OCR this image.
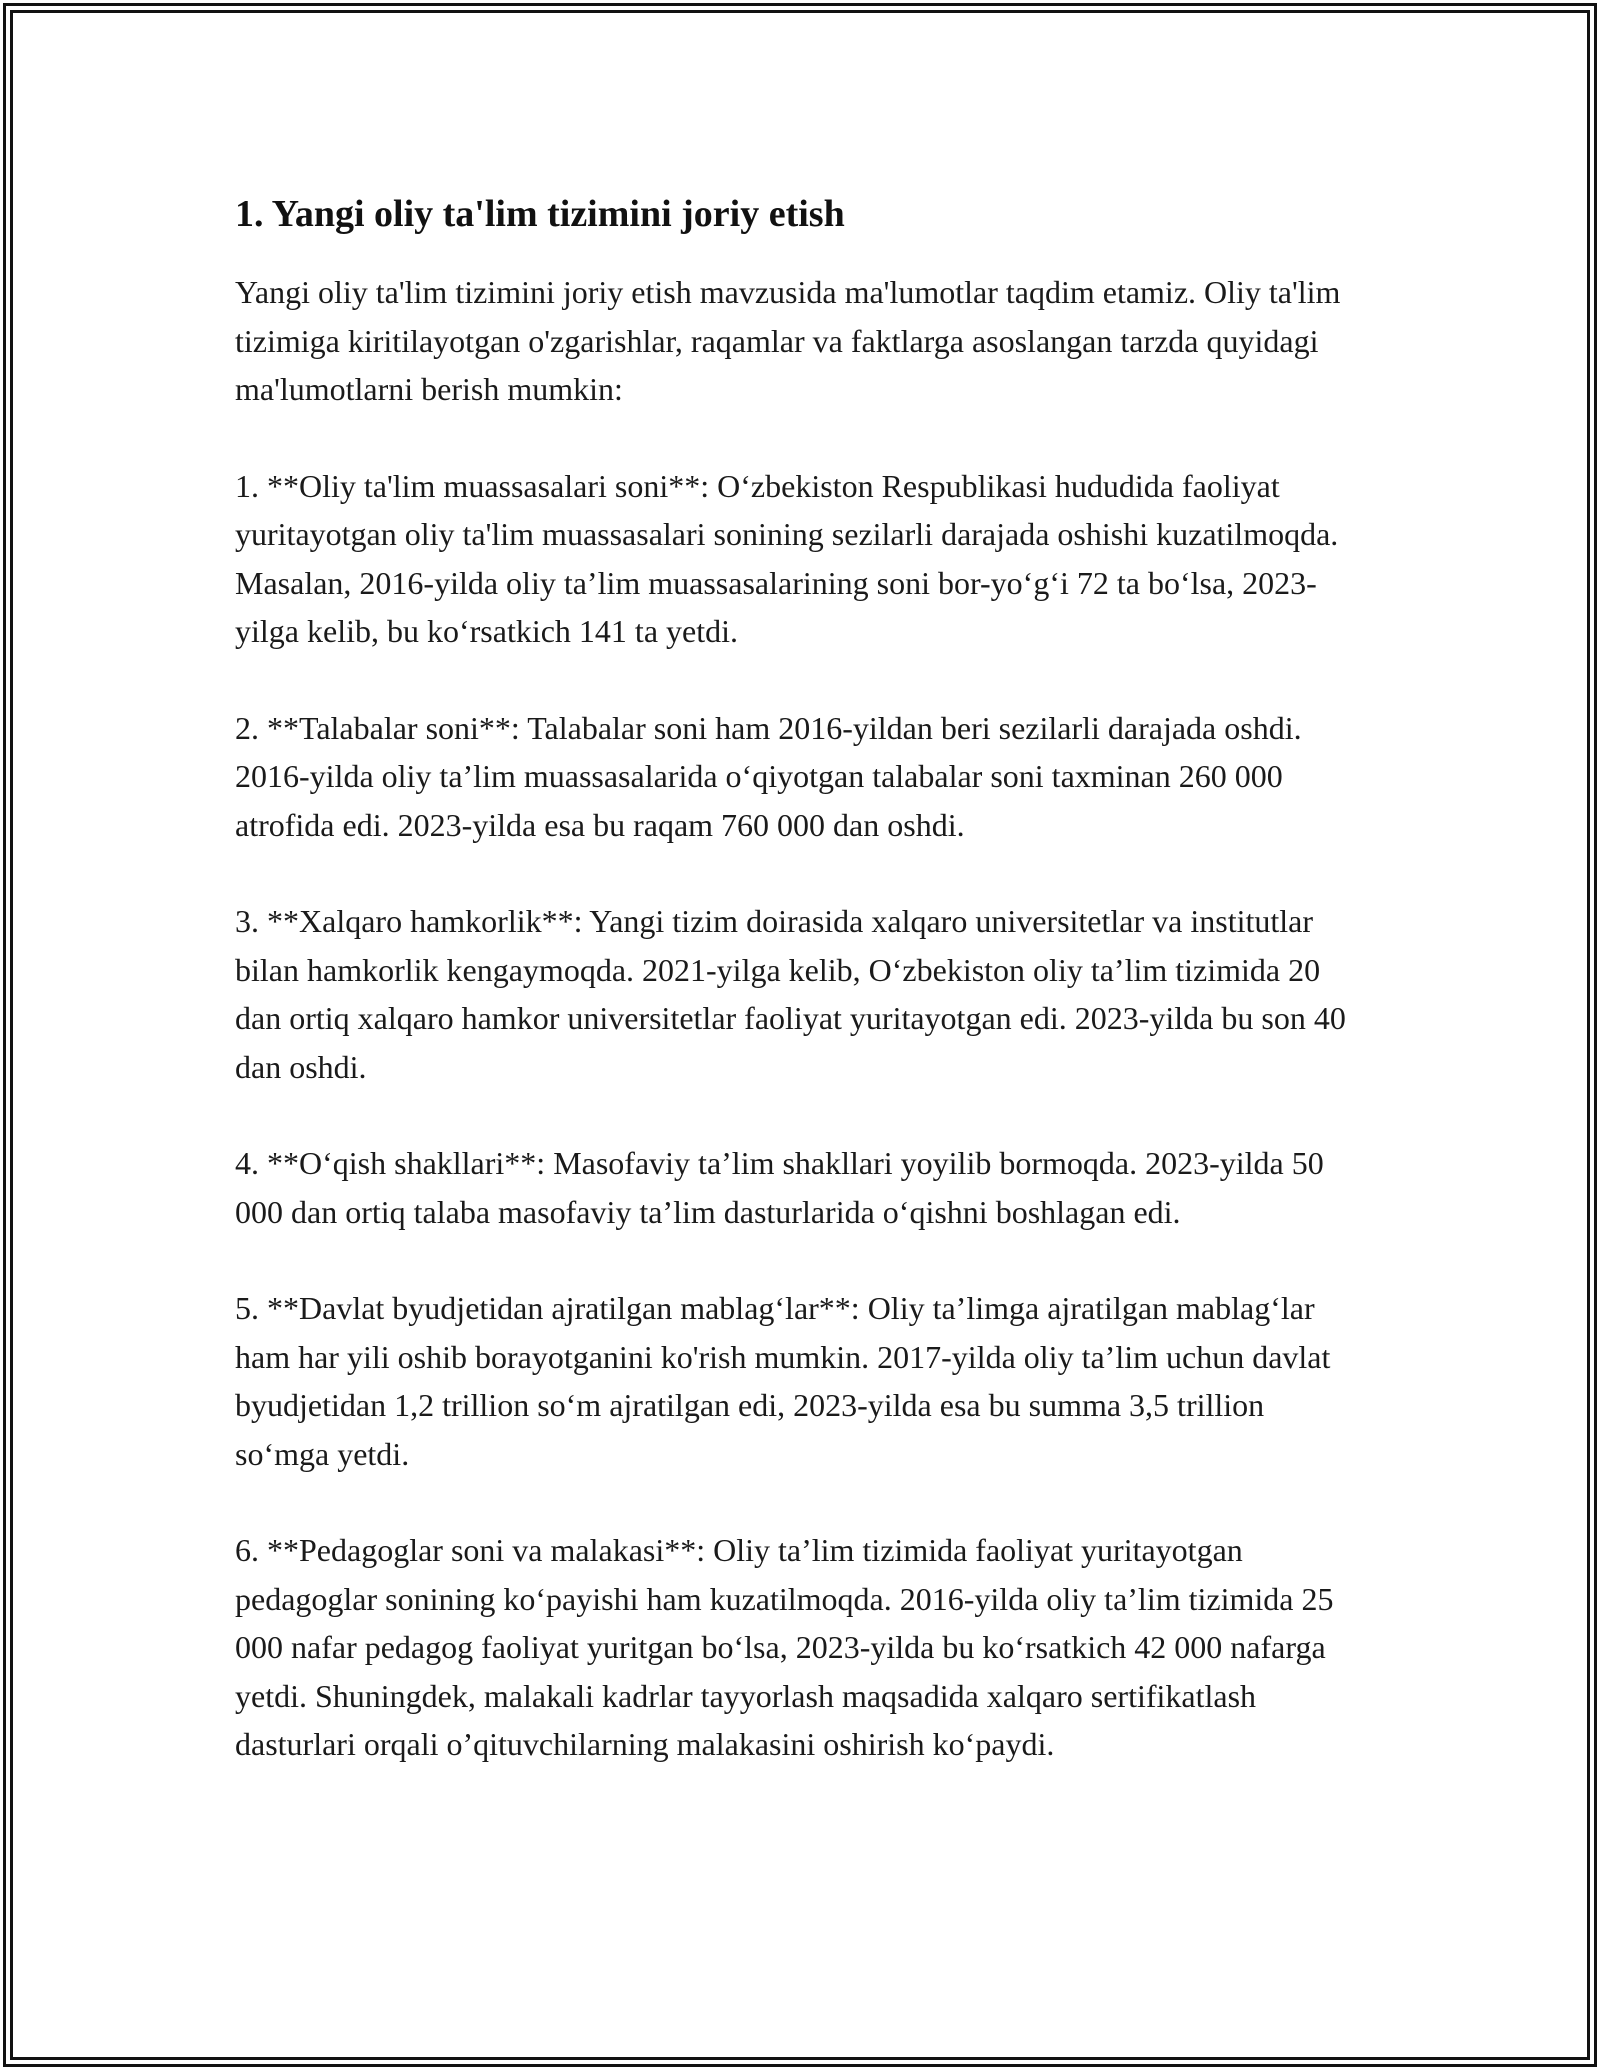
1. Yangi oliy ta'lim tizimini joriy etish

Yangi oliy ta'lim tizimini joriy etish mavzusida ma'lumotlar taqdim etamiz. Oliy ta'lim tizimiga kiritilayotgan o'zgarishlar, raqamlar va faktlarga asoslangan tarzda quyidagi ma'lumotlarni berish mumkin:

1. **Oliy ta'lim muassasalari soni**: O‘zbekiston Respublikasi hududida faoliyat yuritayotgan oliy ta'lim muassasalari sonining sezilarli darajada oshishi kuzatilmoqda. Masalan, 2016-yilda oliy ta’lim muassasalarining soni bor-yo‘g‘i 72 ta bo‘lsa, 2023-yilga kelib, bu ko‘rsatkich 141 ta yetdi.

2. **Talabalar soni**: Talabalar soni ham 2016-yildan beri sezilarli darajada oshdi. 2016-yilda oliy ta’lim muassasalarida o‘qiyotgan talabalar soni taxminan 260 000 atrofida edi. 2023-yilda esa bu raqam 760 000 dan oshdi.

3. **Xalqaro hamkorlik**: Yangi tizim doirasida xalqaro universitetlar va institutlar bilan hamkorlik kengaymoqda. 2021-yilga kelib, O‘zbekiston oliy ta’lim tizimida 20 dan ortiq xalqaro hamkor universitetlar faoliyat yuritayotgan edi. 2023-yilda bu son 40 dan oshdi.

4. **O‘qish shakllari**: Masofaviy ta’lim shakllari yoyilib bormoqda. 2023-yilda 50 000 dan ortiq talaba masofaviy ta’lim dasturlarida o‘qishni boshlagan edi.

5. **Davlat byudjetidan ajratilgan mablag‘lar**: Oliy ta’limga ajratilgan mablag‘lar ham har yili oshib borayotganini ko'rish mumkin. 2017-yilda oliy ta’lim uchun davlat byudjetidan 1,2 trillion so‘m ajratilgan edi, 2023-yilda esa bu summa 3,5 trillion so‘mga yetdi.

6. **Pedagoglar soni va malakasi**: Oliy ta’lim tizimida faoliyat yuritayotgan pedagoglar sonining ko‘payishi ham kuzatilmoqda. 2016-yilda oliy ta’lim tizimida 25 000 nafar pedagog faoliyat yuritgan bo‘lsa, 2023-yilda bu ko‘rsatkich 42 000 nafarga yetdi. Shuningdek, malakali kadrlar tayyorlash maqsadida xalqaro sertifikatlash dasturlari orqali o’qituvchilarning malakasini oshirish ko‘paydi.
